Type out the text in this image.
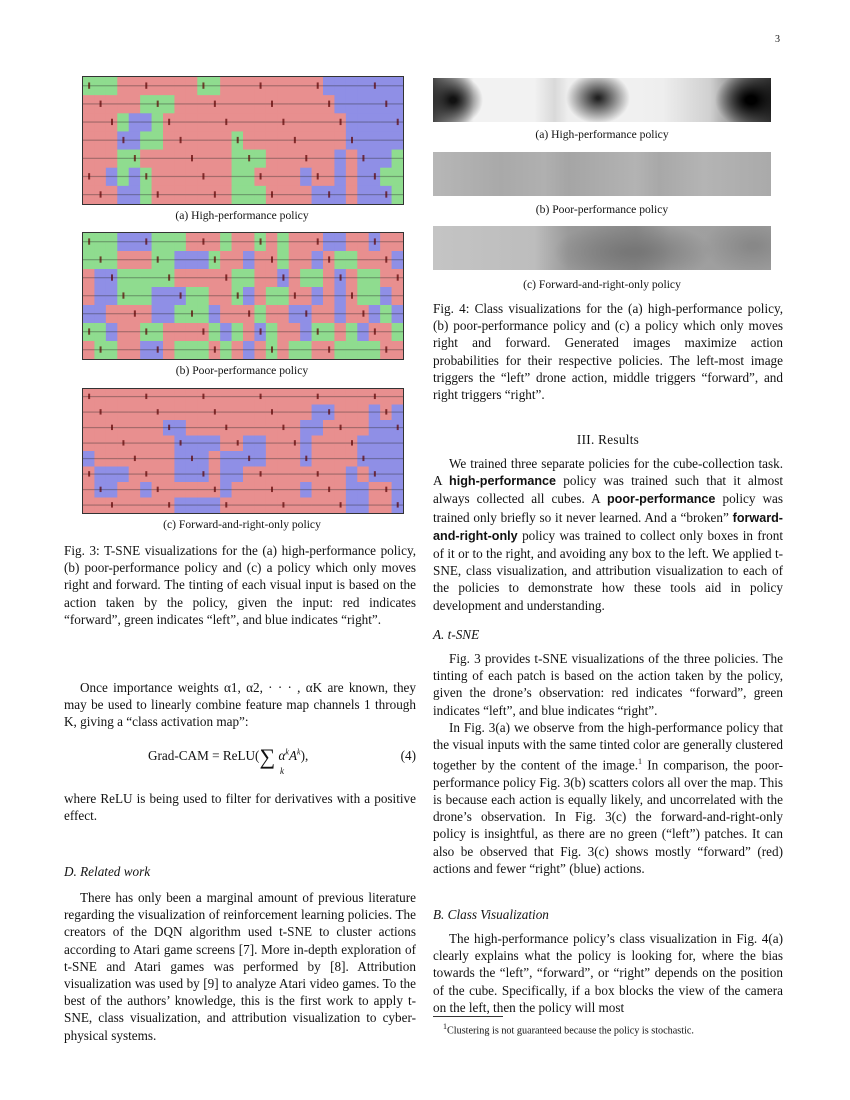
3
(a) High-performance policy
(b) Poor-performance policy
(c) Forward-and-right-only policy
Fig. 3: T-SNE visualizations for the (a) high-performance policy, (b) poor-performance policy and (c) a policy which only moves right and forward. The tinting of each visual input is based on the action taken by the policy, given the input: red indicates “forward”, green indicates “left”, and blue indicates “right”.

Once importance weights α1, α2, · · · , αK are known, they may be used to linearly combine feature map channels 1 through K, giving a “class activation map”:

Grad-CAM = ReLU(∑ $\alpha^kA^k$),
k
(4)

where ReLU is being used to filter for derivatives with a positive effect.

D. Related work

There has only been a marginal amount of previous literature regarding the visualization of reinforcement learning policies. The creators of the DQN algorithm used t-SNE to cluster actions according to Atari game screens [7]. More in-depth exploration of t-SNE and Atari games was performed by [8]. Attribution visualization was used by [9] to analyze Atari video games. To the best of the authors’ knowledge, this is the first work to apply t-SNE, class visualization, and attribution visualization to cyber-physical systems.

(a) High-performance policy
(b) Poor-performance policy
(c) Forward-and-right-only policy
Fig. 4: Class visualizations for the (a) high-performance policy, (b) poor-performance policy and (c) a policy which only moves right and forward. Generated images maximize action probabilities for their respective policies. The left-most image triggers the “left” drone action, middle triggers “forward”, and right triggers “right”.

III. Results

We trained three separate policies for the cube-collection task. A high-performance policy was trained such that it almost always collected all cubes. A poor-performance policy was trained only briefly so it never learned. And a “broken” forward-and-right-only policy was trained to collect only boxes in front of it or to the right, and avoiding any box to the left. We applied t-SNE, class visualization, and attribution visualization to each of the policies to demonstrate how these tools aid in policy development and understanding.

A. t-SNE

Fig. 3 provides t-SNE visualizations of the three policies. The tinting of each patch is based on the action taken by the policy, given the drone’s observation: red indicates “forward”, green indicates “left”, and blue indicates “right”.

In Fig. 3(a) we observe from the high-performance policy that the visual inputs with the same tinted color are generally clustered together by the content of the image.$^1$ In comparison, the poor-performance policy Fig. 3(b) scatters colors all over the map. This is because each action is equally likely, and uncorrelated with the drone’s observation. In Fig. 3(c) the forward-and-right-only policy is insightful, as there are no green (“left”) patches. It can also be observed that Fig. 3(c) shows mostly “forward” (red) actions and fewer “right” (blue) actions.

B. Class Visualization

The high-performance policy’s class visualization in Fig. 4(a) clearly explains what the policy is looking for, where the bias towards the “left”, “forward”, or “right” depends on the position of the cube. Specifically, if a box blocks the view of the camera on the left, then the policy will most

$^1$Clustering is not guaranteed because the policy is stochastic.
